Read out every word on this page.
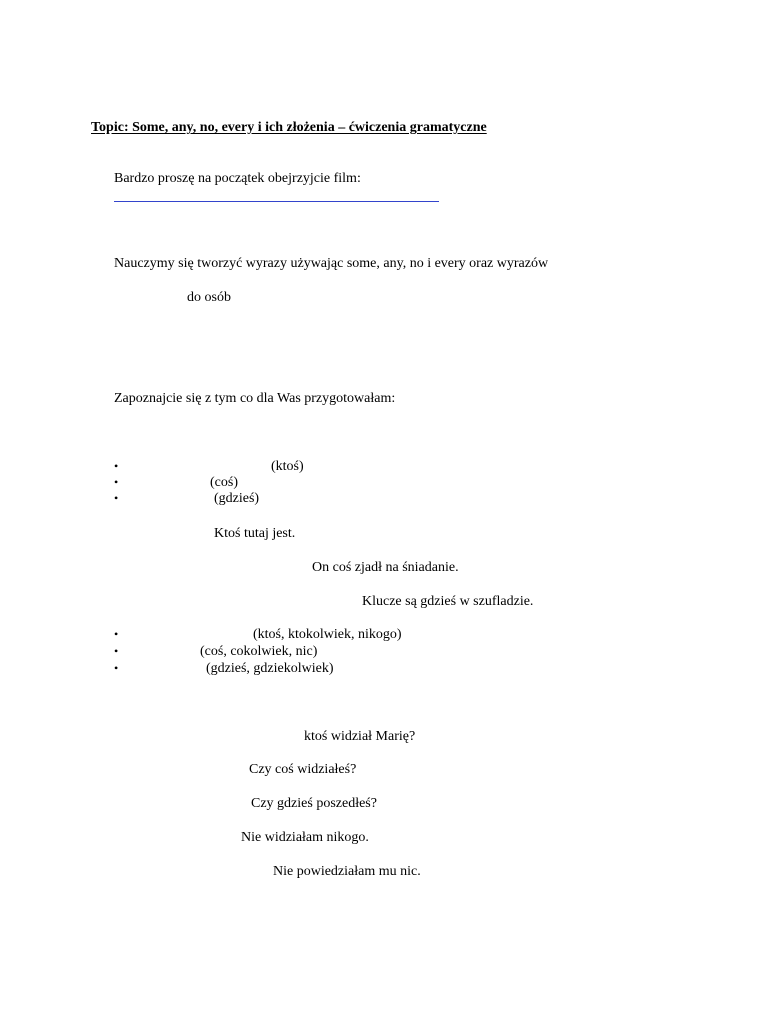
Topic: Some, any, no, every i ich złożenia – ćwiczenia gramatyczne
Bardzo proszę na początek obejrzyjcie film:
Nauczymy się tworzyć wyrazy używając some, any, no i every oraz wyrazów
do osób
Zapoznajcie się z tym co dla Was przygotowałam:
•	(ktoś)
•	(coś)
•	(gdzieś)
Ktoś tutaj jest.
On coś zjadł na śniadanie.
Klucze są gdzieś w szufladzie.
•	(ktoś, ktokolwiek, nikogo)
•	(coś, cokolwiek, nic)
•	(gdzieś, gdziekolwiek)
ktoś widział Marię?
Czy coś widziałeś?
Czy gdzieś poszedłeś?
Nie widziałam nikogo.
Nie powiedziałam mu nic.
